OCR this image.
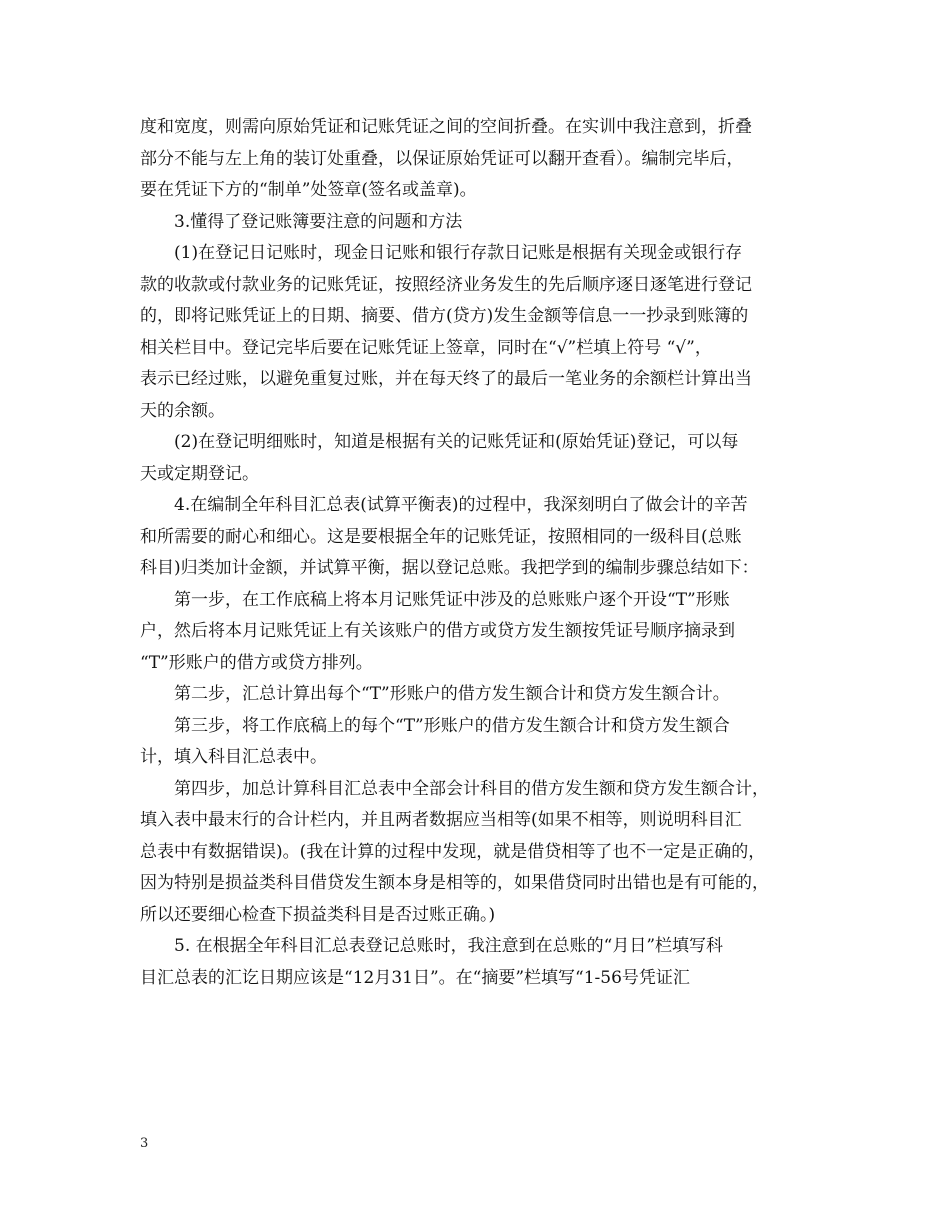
度和宽度，则需向原始凭证和记账凭证之间的空间折叠。在实训中我注意到，折叠
部分不能与左上角的装订处重叠，以保证原始凭证可以翻开查看）。编制完毕后，
要在凭证下方的“制单”处签章(签名或盖章)。

3.懂得了登记账簿要注意的问题和方法

(1)在登记日记账时，现金日记账和银行存款日记账是根据有关现金或银行存
款的收款或付款业务的记账凭证，按照经济业务发生的先后顺序逐日逐笔进行登记
的，即将记账凭证上的日期、摘要、借方(贷方)发生金额等信息一一抄录到账簿的
相关栏目中。登记完毕后要在记账凭证上签章，同时在“√”栏填上符号 “√”，
表示已经过账，以避免重复过账，并在每天终了的最后一笔业务的余额栏计算出当
天的余额。

(2)在登记明细账时，知道是根据有关的记账凭证和(原始凭证)登记，可以每
天或定期登记。

4.在编制全年科目汇总表(试算平衡表)的过程中，我深刻明白了做会计的辛苦
和所需要的耐心和细心。这是要根据全年的记账凭证，按照相同的一级科目(总账
科目)归类加计金额，并试算平衡，据以登记总账。我把学到的编制步骤总结如下：

第一步，在工作底稿上将本月记账凭证中涉及的总账账户逐个开设“T”形账
户，然后将本月记账凭证上有关该账户的借方或贷方发生额按凭证号顺序摘录到
“T”形账户的借方或贷方排列。

第二步，汇总计算出每个“T”形账户的借方发生额合计和贷方发生额合计。

第三步，将工作底稿上的每个“T”形账户的借方发生额合计和贷方发生额合
计，填入科目汇总表中。

第四步，加总计算科目汇总表中全部会计科目的借方发生额和贷方发生额合计，
填入表中最末行的合计栏内，并且两者数据应当相等(如果不相等，则说明科目汇
总表中有数据错误)。(我在计算的过程中发现，就是借贷相等了也不一定是正确的，
因为特别是损益类科目借贷发生额本身是相等的，如果借贷同时出错也是有可能的，
所以还要细心检查下损益类科目是否过账正确。)

5. 在根据全年科目汇总表登记总账时，我注意到在总账的“月日”栏填写科
目汇总表的汇讫日期应该是“12月31日”。在“摘要”栏填写“1-56号凭证汇

3
